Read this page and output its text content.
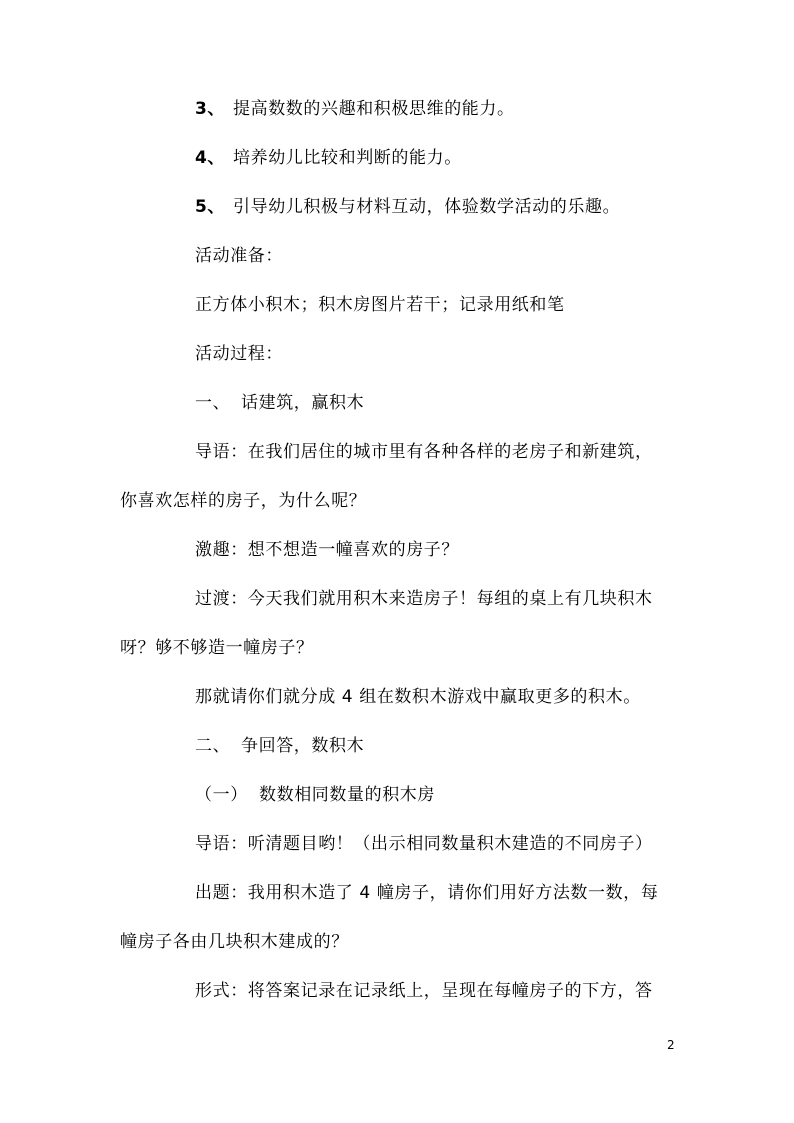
3、 提高数数的兴趣和积极思维的能力。
4、 培养幼儿比较和判断的能力。
5、 引导幼儿积极与材料互动，体验数学活动的乐趣。
活动准备：
正方体小积木；积木房图片若干；记录用纸和笔
活动过程：
一、 话建筑，赢积木
导语：在我们居住的城市里有各种各样的老房子和新建筑，
你喜欢怎样的房子，为什么呢？
激趣：想不想造一幢喜欢的房子？
过渡：今天我们就用积木来造房子！每组的桌上有几块积木
呀？够不够造一幢房子？
那就请你们就分成 4 组在数积木游戏中赢取更多的积木。
二、 争回答，数积木
（一） 数数相同数量的积木房
导语：听清题目哟！（出示相同数量积木建造的不同房子）
出题：我用积木造了 4 幢房子，请你们用好方法数一数，每
幢房子各由几块积木建成的？
形式：将答案记录在记录纸上，呈现在每幢房子的下方，答
2
